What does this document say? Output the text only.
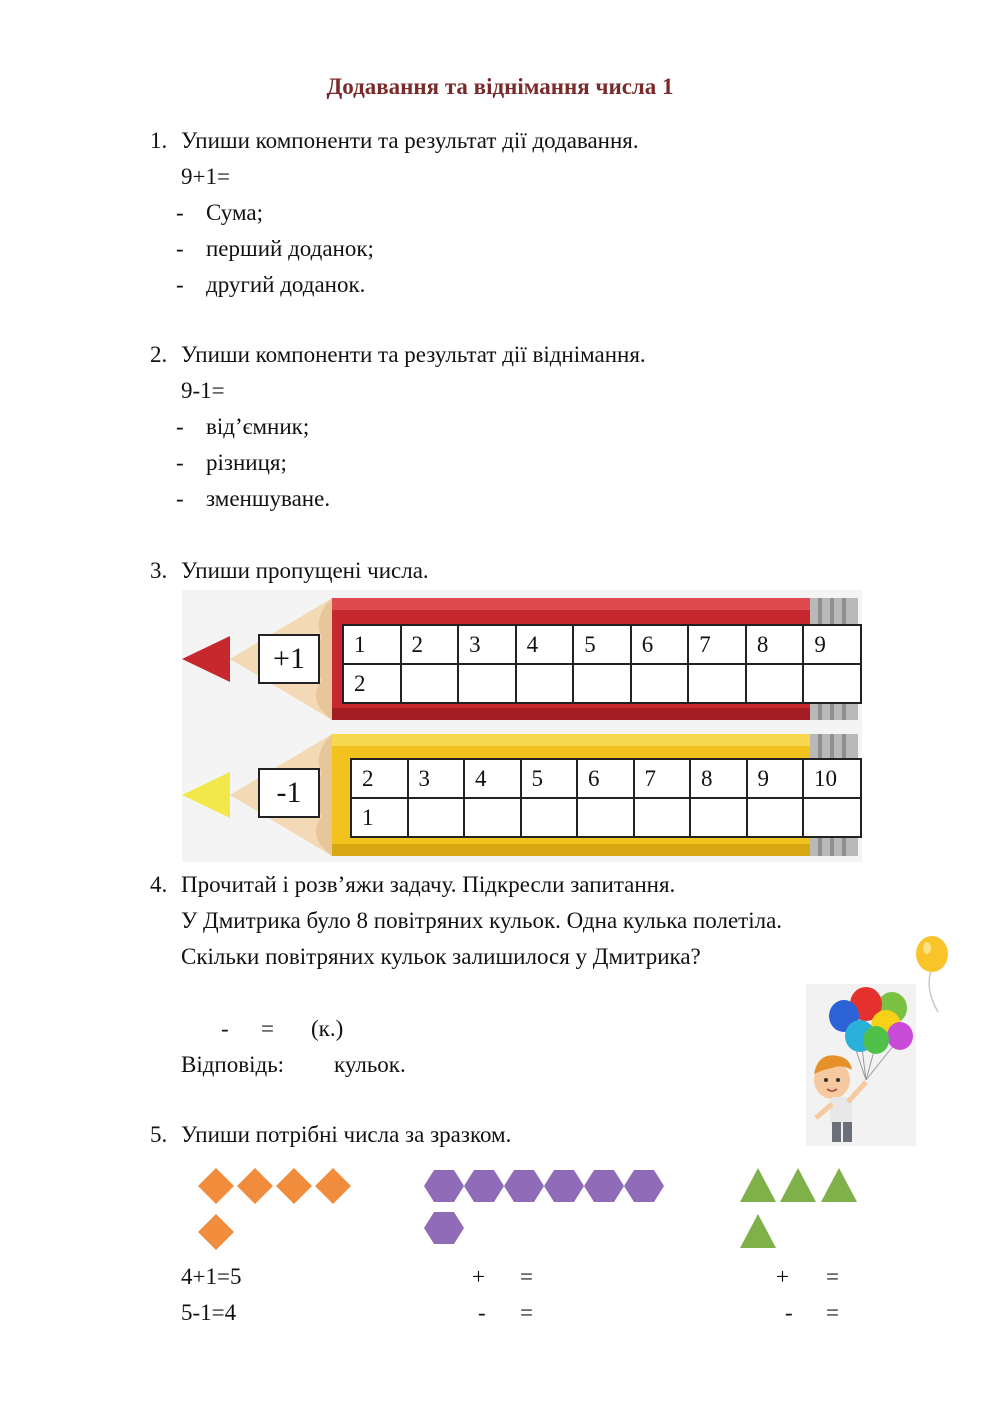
Додавання та віднімання числа 1
1. Упиши компоненти та результат дії додавання.
9+1=
- Сума;
- перший доданок;
- другий доданок.
2. Упиши компоненти та результат дії віднімання.
9-1=
- від’ємник;
- різниця;
- зменшуване.
3. Упиши пропущені числа.
+1	1	2	3	4	5	6	7	8	9
2								
-1	2	3	4	5	6	7	8	9	10
1								
4. Прочитай і розв’яжи задачу. Підкресли запитання.
У Дмитрика було 8 повітряних кульок. Одна кулька полетіла.
Скільки повітряних кульок залишилося у Дмитрика?
- = (к.)
Відповідь: кульок.
5. Упиши потрібні числа за зразком.
4+1=5
5-1=4
+ =
- =
+ =
- =
